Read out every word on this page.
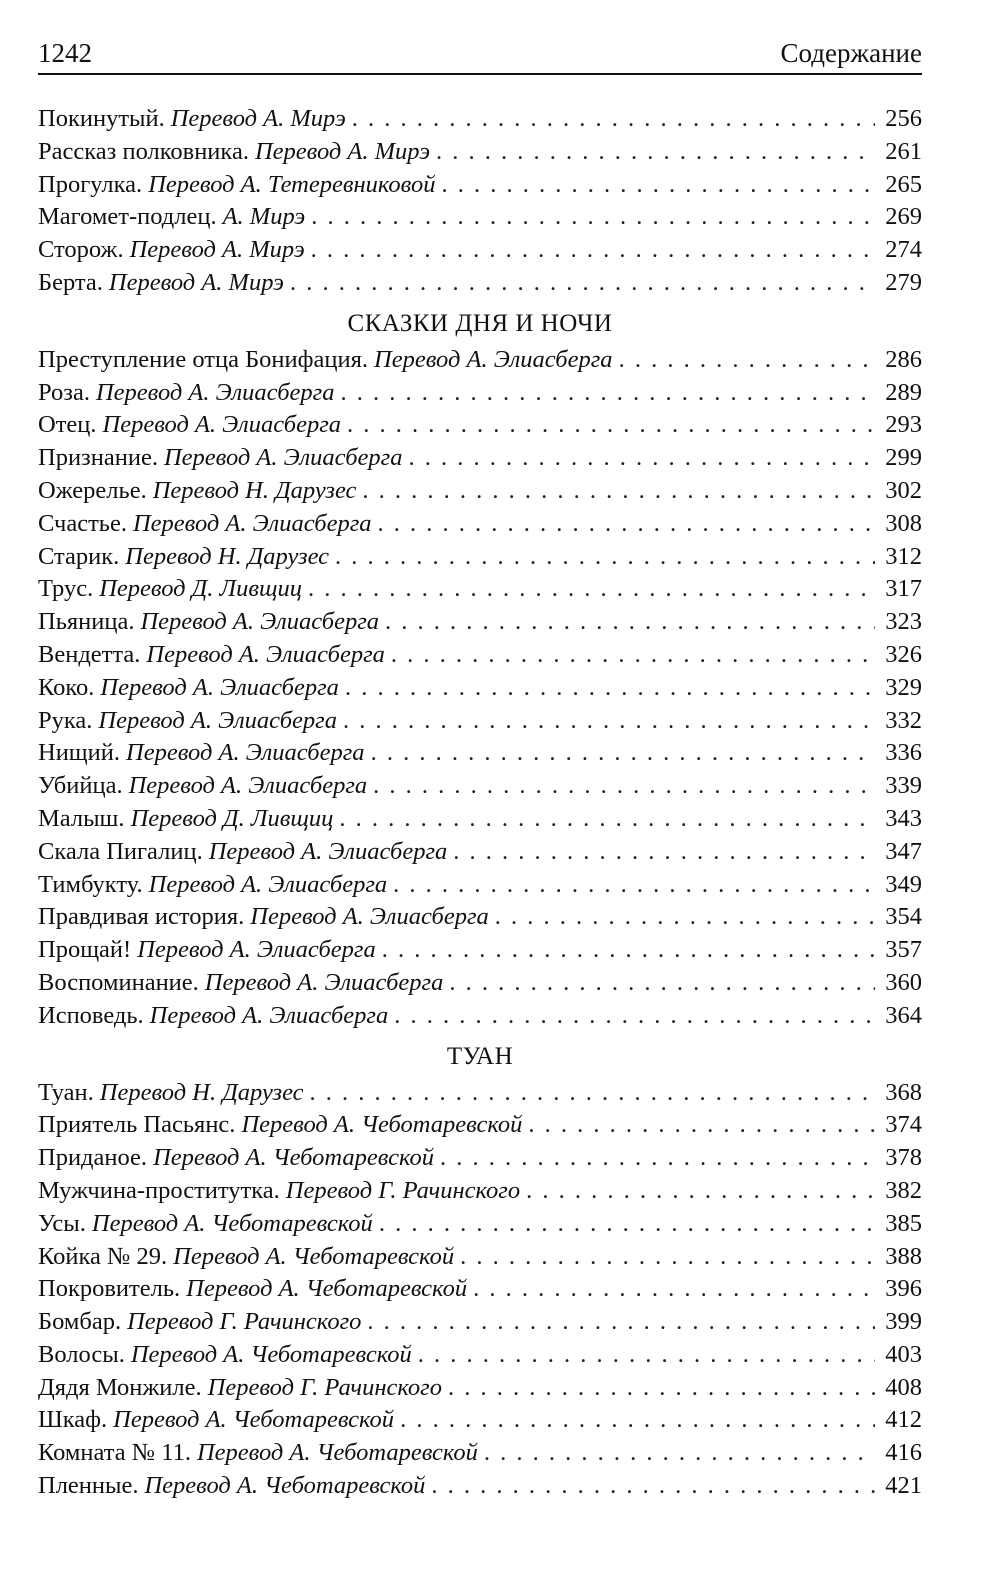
1242	Содержание
Покинутый. Перевод А. Мирэ . . .	256
Рассказ полковника. Перевод А. Мирэ . . .	261
Прогулка. Перевод А. Тетеревниковой . . .	265
Магомет-подлец. А. Мирэ . . .	269
Сторож. Перевод А. Мирэ . . .	274
Берта. Перевод А. Мирэ . . .	279
СКАЗКИ ДНЯ И НОЧИ
Преступление отца Бонифация. Перевод А. Элиасберга . . .	286
Роза. Перевод А. Элиасберга . . .	289
Отец. Перевод А. Элиасберга . . .	293
Признание. Перевод А. Элиасберга . . .	299
Ожерелье. Перевод Н. Дарузес . . .	302
Счастье. Перевод А. Элиасберга . . .	308
Старик. Перевод Н. Дарузес . . .	312
Трус. Перевод Д. Ливщиц . . .	317
Пьяница. Перевод А. Элиасберга . . .	323
Вендетта. Перевод А. Элиасберга . . .	326
Коко. Перевод А. Элиасберга . . .	329
Рука. Перевод А. Элиасберга . . .	332
Нищий. Перевод А. Элиасберга . . .	336
Убийца. Перевод А. Элиасберга . . .	339
Малыш. Перевод Д. Ливщиц . . .	343
Скала Пигалиц. Перевод А. Элиасберга . . .	347
Тимбукту. Перевод А. Элиасберга . . .	349
Правдивая история. Перевод А. Элиасберга . . .	354
Прощай! Перевод А. Элиасберга . . .	357
Воспоминание. Перевод А. Элиасберга . . .	360
Исповедь. Перевод А. Элиасберга . . .	364
ТУАН
Туан. Перевод Н. Дарузес . . .	368
Приятель Пасьянс. Перевод А. Чеботаревской . . .	374
Приданое. Перевод А. Чеботаревской . . .	378
Мужчина-проститутка. Перевод Г. Рачинского . . .	382
Усы. Перевод А. Чеботаревской . . .	385
Койка № 29. Перевод А. Чеботаревской . . .	388
Покровитель. Перевод А. Чеботаревской . . .	396
Бомбар. Перевод Г. Рачинского . . .	399
Волосы. Перевод А. Чеботаревской . . .	403
Дядя Монжиле. Перевод Г. Рачинского . . .	408
Шкаф. Перевод А. Чеботаревской . . .	412
Комната № 11. Перевод А. Чеботаревской . . .	416
Пленные. Перевод А. Чеботаревской . . .	421
